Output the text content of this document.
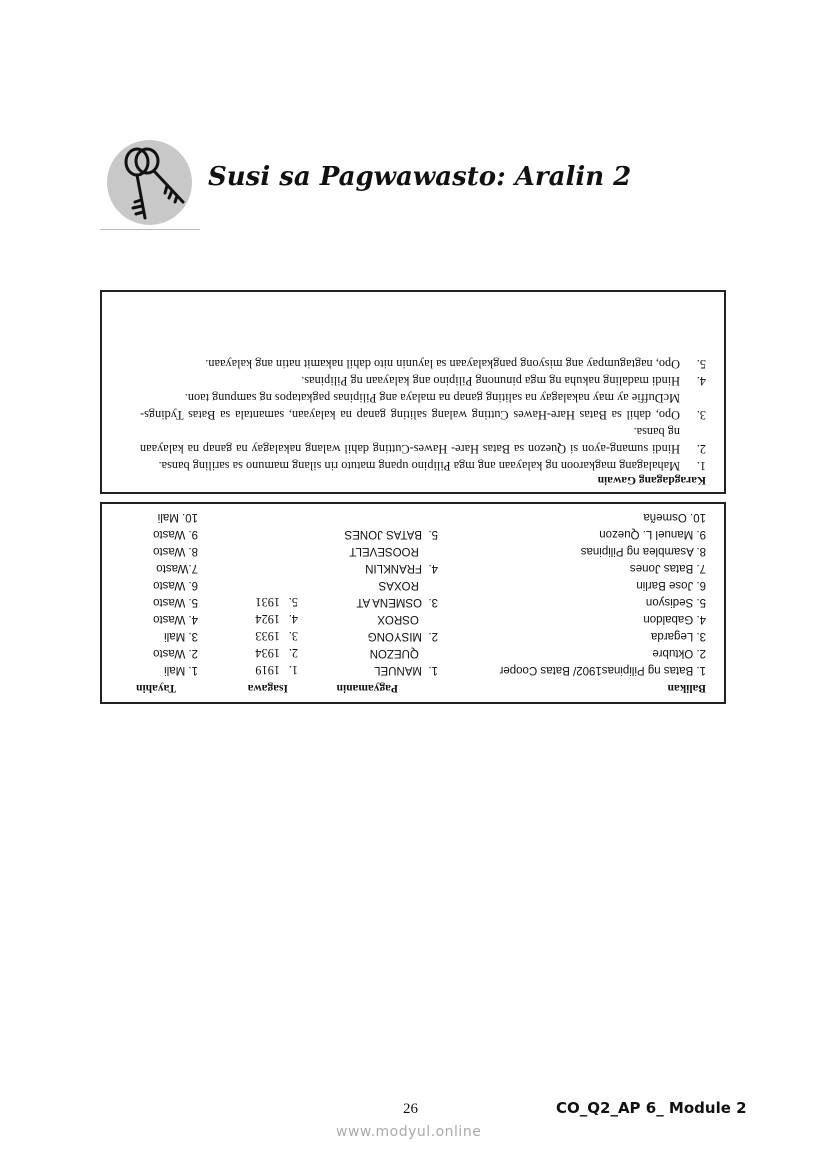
Susi sa Pagwawasto: Aralin 2
Karagdagang Gawain
1.
Mahalagang magkaroon ng kalayaan ang mga Pilipino upang matuto rin silang mamuno sa sariling bansa.
2.
Hindi sumang-ayon si Quezon sa Batas Hare- Hawes-Cutting dahil walang nakalagay na ganap na kalayaan ng bansa.
3.
Opo, dahil sa Batas Hare-Hawes Cutting walang saliting ganap na kalayaan, samantala sa Batas Tydings-McDuffie ay may nakalagay na saliting ganap na malaya ang Pilipinas pagkatapos ng sampung taon.
4.
Hindi madaling nakuha ng mga pinunong Pilipino ang kalayaan ng Pilipinas.
5.
Opo, nagtagumpay ang misyong pangkalayaan sa layunin nito dahil nakamit natin ang kalayaan.
Balikan
Pagyamanin
Isagawa
Tayahin
1. Batas ng Pilipinas1902/ Batas Cooper
1.  MANUEL
1.
1919
1. Mali
2. Oktubre
QUEZON
2.
1934
2. Wasto
3. Legarda
2.  MISYONG
3.
1933
3. Mali
4. Gabaldon
OSROX
4.
1924
4. Wasto
5. Sedisyon
3.  OSMENA AT
5.
1931
5. Wasto
6. Jose Barlin
ROXAS
6. Wasto
7. Batas Jones
4.  FRANKLIN
7.Wasto
8. Asamblea ng Pilipinas
ROOSEVELT
8. Wasto
9. Manuel L. Quezon
5.  BATAS JONES
9. Wasto
10. Osmeña
10. Mali
26	CO_Q2_AP 6_ Module 2
www.modyul.online
